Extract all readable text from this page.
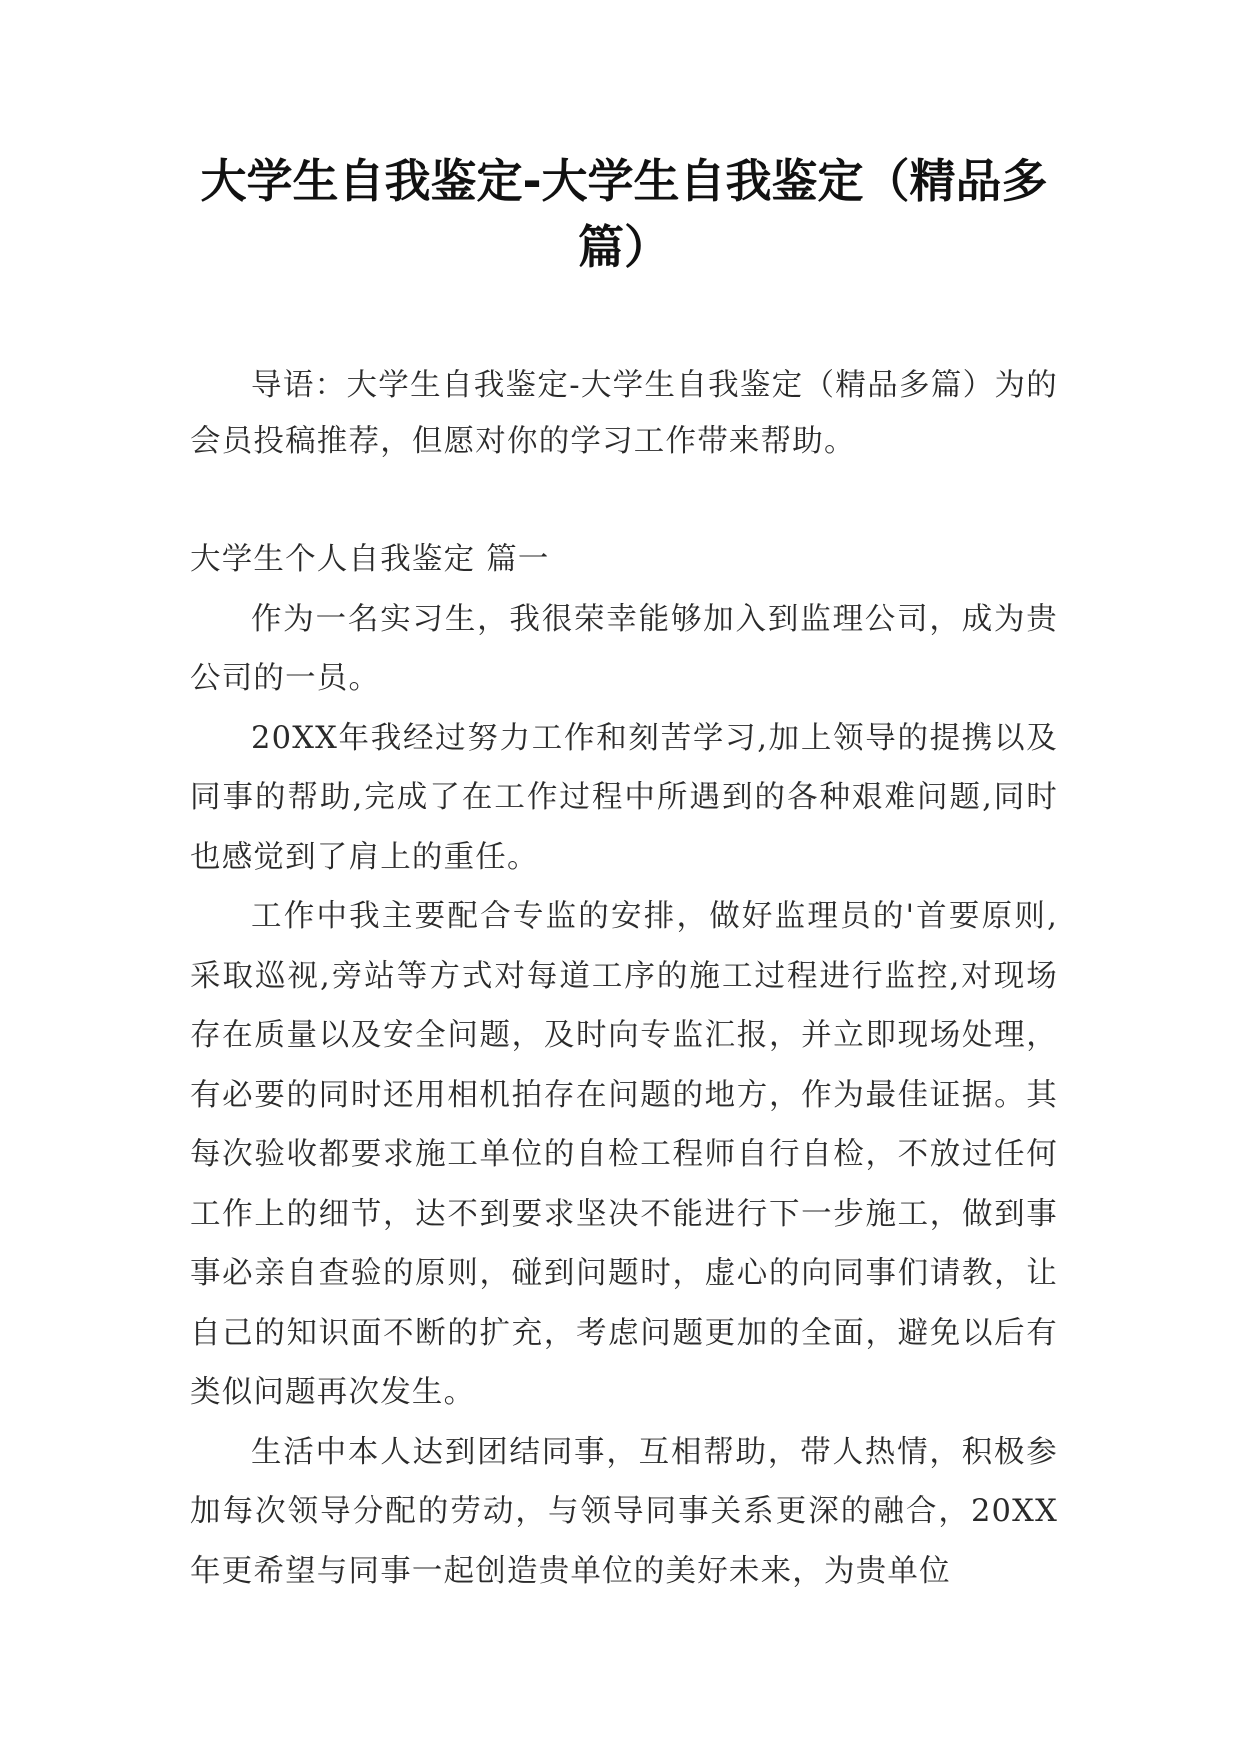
大学生自我鉴定-大学生自我鉴定（精品多篇）

导语：大学生自我鉴定-大学生自我鉴定（精品多篇）为的会员投稿推荐，但愿对你的学习工作带来帮助。

大学生个人自我鉴定 篇一

作为一名实习生，我很荣幸能够加入到监理公司，成为贵公司的一员。

20XX年我经过努力工作和刻苦学习,加上领导的提携以及同事的帮助,完成了在工作过程中所遇到的各种艰难问题,同时也感觉到了肩上的重任。

工作中我主要配合专监的安排，做好监理员的'首要原则,采取巡视,旁站等方式对每道工序的施工过程进行监控,对现场存在质量以及安全问题，及时向专监汇报，并立即现场处理，有必要的同时还用相机拍存在问题的地方，作为最佳证据。其每次验收都要求施工单位的自检工程师自行自检，不放过任何工作上的细节，达不到要求坚决不能进行下一步施工，做到事事必亲自查验的原则，碰到问题时，虚心的向同事们请教，让自己的知识面不断的扩充，考虑问题更加的全面，避免以后有类似问题再次发生。

生活中本人达到团结同事，互相帮助，带人热情，积极参加每次领导分配的劳动，与领导同事关系更深的融合，20XX年更希望与同事一起创造贵单位的美好未来，为贵单位
